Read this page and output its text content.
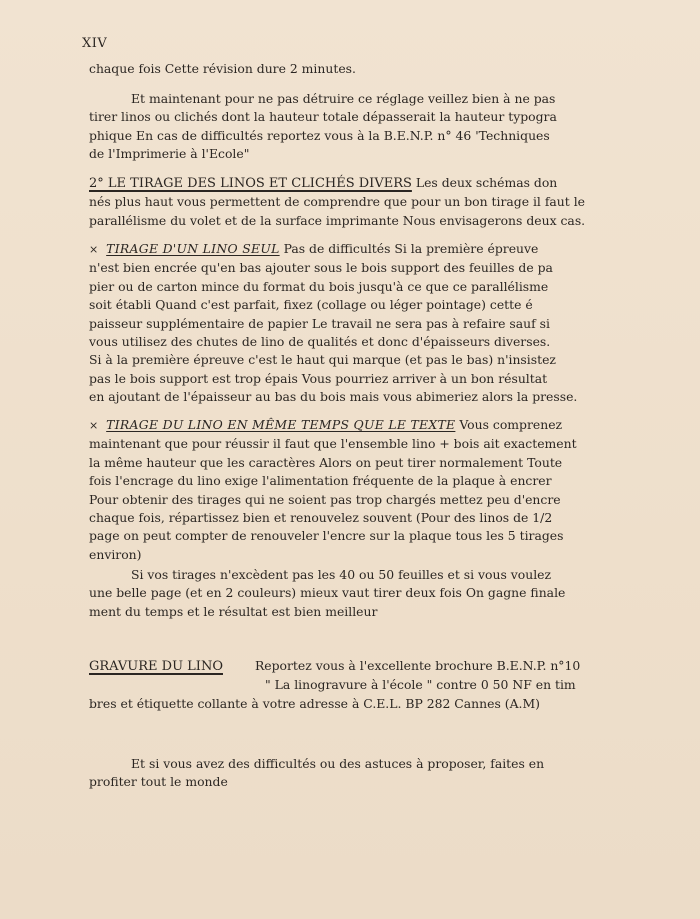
XIV
chaque fois Cette révision dure 2 minutes.
Et maintenant pour ne pas détruire ce réglage veillez bien à ne pas
tirer linos ou clichés dont la hauteur totale dépasserait la hauteur typogra
phique En cas de difficultés reportez vous à la B.E.N.P. n° 46 'Techniques
de l'Imprimerie à l'Ecole"
2° LE TIRAGE DES LINOS ET CLICHÉS DIVERS Les deux schémas don
nés plus haut vous permettent de comprendre que pour un bon tirage il faut le
parallélisme du volet et de la surface imprimante Nous envisagerons deux cas.
× TIRAGE D'UN LINO SEUL Pas de difficultés Si la première épreuve
n'est bien encrée qu'en bas ajouter sous le bois support des feuilles de pa
pier ou de carton mince du format du bois jusqu'à ce que ce parallélisme
soit établi Quand c'est parfait, fixez (collage ou léger pointage) cette é
paisseur supplémentaire de papier Le travail ne sera pas à refaire sauf si
vous utilisez des chutes de lino de qualités et donc d'épaisseurs diverses.
Si à la première épreuve c'est le haut qui marque (et pas le bas) n'insistez
pas le bois support est trop épais Vous pourriez arriver à un bon résultat
en ajoutant de l'épaisseur au bas du bois mais vous abimeriez alors la presse.
× TIRAGE DU LINO EN MÊME TEMPS QUE LE TEXTE Vous comprenez
maintenant que pour réussir il faut que l'ensemble lino + bois ait exactement
la même hauteur que les caractères Alors on peut tirer normalement Toute
fois l'encrage du lino exige l'alimentation fréquente de la plaque à encrer
Pour obtenir des tirages qui ne soient pas trop chargés mettez peu d'encre
chaque fois, répartissez bien et renouvelez souvent (Pour des linos de 1/2
page on peut compter de renouveler l'encre sur la plaque tous les 5 tirages
environ)
Si vos tirages n'excèdent pas les 40 ou 50 feuilles et si vous voulez
une belle page (et en 2 couleurs) mieux vaut tirer deux fois On gagne finale
ment du temps et le résultat est bien meilleur
GRAVURE DU LINO	Reportez vous à l'excellente brochure B.E.N.P. n°10
" La linogravure à l'école " contre 0 50 NF en tim
bres et étiquette collante à votre adresse à C.E.L. BP 282 Cannes (A.M)
Et si vous avez des difficultés ou des astuces à proposer, faites en
profiter tout le monde
